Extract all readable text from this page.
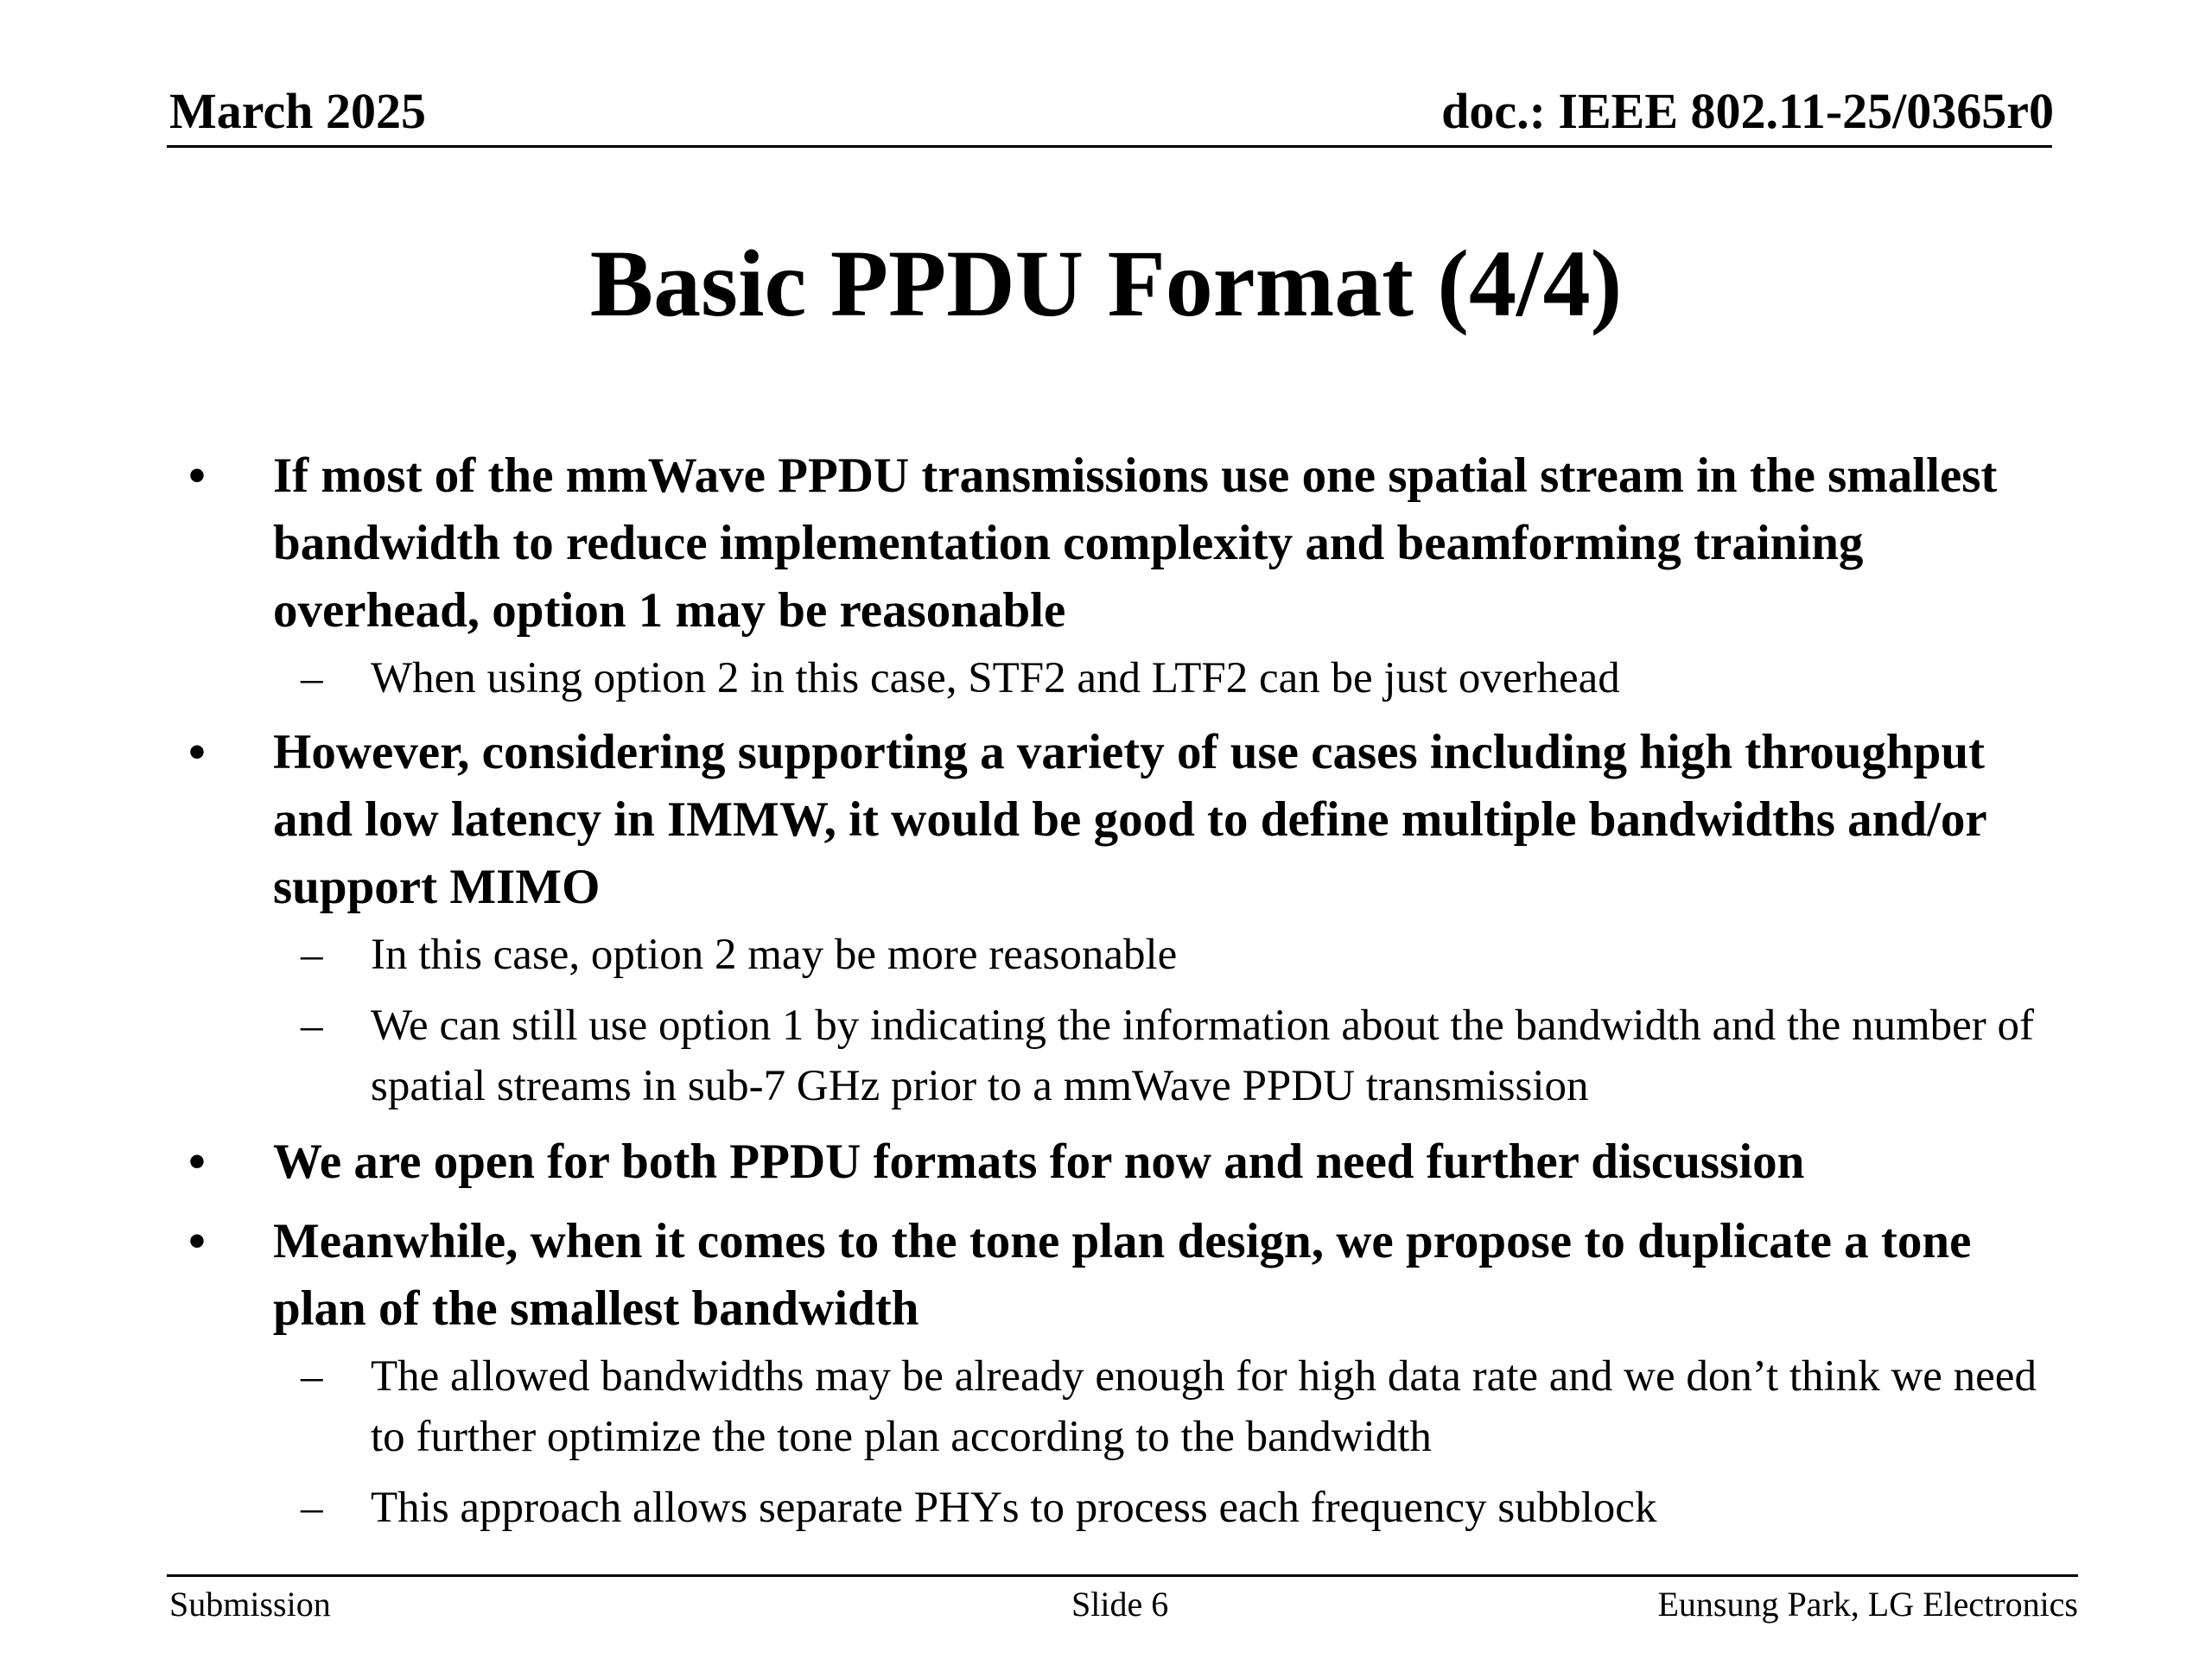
March 2025	doc.: IEEE 802.11-25/0365r0
Basic PPDU Format (4/4)
• If most of the mmWave PPDU transmissions use one spatial stream in the smallest bandwidth to reduce implementation complexity and beamforming training overhead, option 1 may be reasonable
– When using option 2 in this case, STF2 and LTF2 can be just overhead
• However, considering supporting a variety of use cases including high throughput and low latency in IMMW, it would be good to define multiple bandwidths and/or support MIMO
– In this case, option 2 may be more reasonable
– We can still use option 1 by indicating the information about the bandwidth and the number of spatial streams in sub-7 GHz prior to a mmWave PPDU transmission
• We are open for both PPDU formats for now and need further discussion
• Meanwhile, when it comes to the tone plan design, we propose to duplicate a tone plan of the smallest bandwidth
– The allowed bandwidths may be already enough for high data rate and we don’t think we need to further optimize the tone plan according to the bandwidth
– This approach allows separate PHYs to process each frequency subblock
Submission	Slide 6	Eunsung Park, LG Electronics
